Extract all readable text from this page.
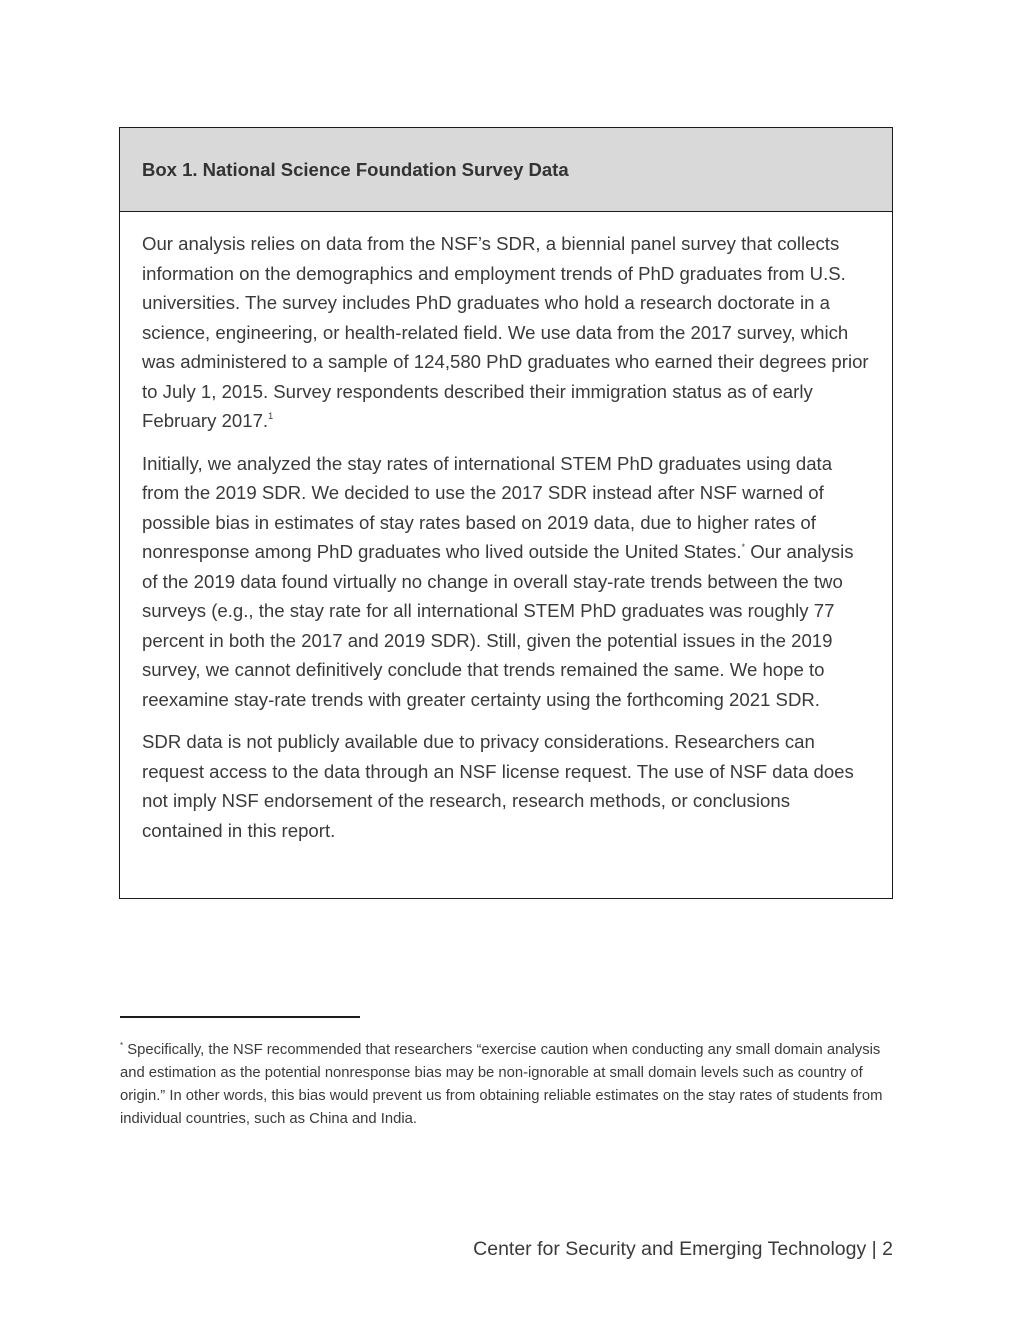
Box 1. National Science Foundation Survey Data

Our analysis relies on data from the NSF’s SDR, a biennial panel survey that collects information on the demographics and employment trends of PhD graduates from U.S. universities. The survey includes PhD graduates who hold a research doctorate in a science, engineering, or health-related field. We use data from the 2017 survey, which was administered to a sample of 124,580 PhD graduates who earned their degrees prior to July 1, 2015. Survey respondents described their immigration status as of early February 2017.$^1$

Initially, we analyzed the stay rates of international STEM PhD graduates using data from the 2019 SDR. We decided to use the 2017 SDR instead after NSF warned of possible bias in estimates of stay rates based on 2019 data, due to higher rates of nonresponse among PhD graduates who lived outside the United States.* Our analysis of the 2019 data found virtually no change in overall stay-rate trends between the two surveys (e.g., the stay rate for all international STEM PhD graduates was roughly 77 percent in both the 2017 and 2019 SDR). Still, given the potential issues in the 2019 survey, we cannot definitively conclude that trends remained the same. We hope to reexamine stay-rate trends with greater certainty using the forthcoming 2021 SDR.

SDR data is not publicly available due to privacy considerations. Researchers can request access to the data through an NSF license request. The use of NSF data does not imply NSF endorsement of the research, research methods, or conclusions contained in this report.

* Specifically, the NSF recommended that researchers “exercise caution when conducting any small domain analysis and estimation as the potential nonresponse bias may be non-ignorable at small domain levels such as country of origin.” In other words, this bias would prevent us from obtaining reliable estimates on the stay rates of students from individual countries, such as China and India.

Center for Security and Emerging Technology | 2
